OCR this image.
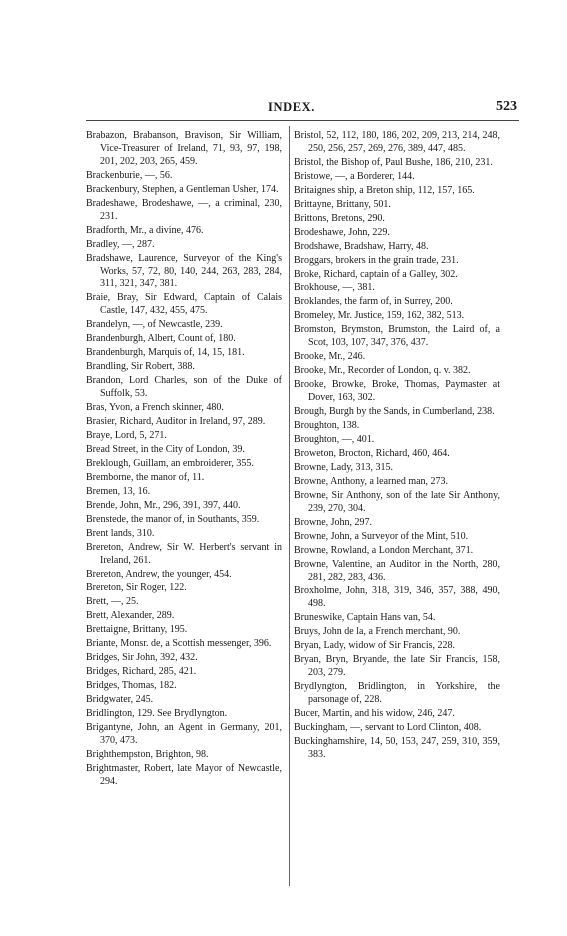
INDEX.	523

Brabazon, Brabanson, Bravison, Sir William, Vice-Treasurer of Ireland, 71, 93, 97, 198, 201, 202, 203, 265, 459.

Brackenburie, —, 56.

Brackenbury, Stephen, a Gentleman Usher, 174.

Bradeshawe, Brodeshawe, —, a criminal, 230, 231.

Bradforth, Mr., a divine, 476.

Bradley, —, 287.

Bradshawe, Laurence, Surveyor of the King's Works, 57, 72, 80, 140, 244, 263, 283, 284, 311, 321, 347, 381.

Braie, Bray, Sir Edward, Captain of Calais Castle, 147, 432, 455, 475.

Brandelyn, —, of Newcastle, 239.

Brandenburgh, Albert, Count of, 180.

Brandenburgh, Marquis of, 14, 15, 181.

Brandling, Sir Robert, 388.

Brandon, Lord Charles, son of the Duke of Suffolk, 53.

Bras, Yvon, a French skinner, 480.

Brasier, Richard, Auditor in Ireland, 97, 289.

Braye, Lord, 5, 271.

Bread Street, in the City of London, 39.

Breklough, Guillam, an embroiderer, 355.

Bremborne, the manor of, 11.

Bremen, 13, 16.

Brende, John, Mr., 296, 391, 397, 440.

Brenstede, the manor of, in Southants, 359.

Brent lands, 310.

Brereton, Andrew, Sir W. Herbert's servant in Ireland, 261.

Brereton, Andrew, the younger, 454.

Brereton, Sir Roger, 122.

Brett, —, 25.

Brett, Alexander, 289.

Brettaigne, Brittany, 195.

Briante, Monsr. de, a Scottish messenger, 396.

Bridges, Sir John, 392, 432.

Bridges, Richard, 285, 421.

Bridges, Thomas, 182.

Bridgwater, 245.

Bridlington, 129. See Brydlyngton.

Brigantyne, John, an Agent in Germany, 201, 370, 473.

Brighthempston, Brighton, 98.

Brightmaster, Robert, late Mayor of Newcastle, 294.

Bristol, 52, 112, 180, 186, 202, 209, 213, 214, 248, 250, 256, 257, 269, 276, 389, 447, 485.

Bristol, the Bishop of, Paul Bushe, 186, 210, 231.

Bristowe, —, a Borderer, 144.

Britaignes ship, a Breton ship, 112, 157, 165.

Brittayne, Brittany, 501.

Brittons, Bretons, 290.

Brodeshawe, John, 229.

Brodshawe, Bradshaw, Harry, 48.

Broggars, brokers in the grain trade, 231.

Broke, Richard, captain of a Galley, 302.

Brokhouse, —, 381.

Broklandes, the farm of, in Surrey, 200.

Bromeley, Mr. Justice, 159, 162, 382, 513.

Bromston, Brymston, Brumston, the Laird of, a Scot, 103, 107, 347, 376, 437.

Brooke, Mr., 246.

Brooke, Mr., Recorder of London, q. v. 382.

Brooke, Browke, Broke, Thomas, Paymaster at Dover, 163, 302.

Brough, Burgh by the Sands, in Cumberland, 238.

Broughton, 138.

Broughton, —, 401.

Broweton, Brocton, Richard, 460, 464.

Browne, Lady, 313, 315.

Browne, Anthony, a learned man, 273.

Browne, Sir Anthony, son of the late Sir Anthony, 239, 270, 304.

Browne, John, 297.

Browne, John, a Surveyor of the Mint, 510.

Browne, Rowland, a London Merchant, 371.

Browne, Valentine, an Auditor in the North, 280, 281, 282, 283, 436.

Broxholme, John, 318, 319, 346, 357, 388, 490, 498.

Bruneswike, Captain Hans van, 54.

Bruys, John de la, a French merchant, 90.

Bryan, Lady, widow of Sir Francis, 228.

Bryan, Bryn, Bryande, the late Sir Francis, 158, 203, 279.

Brydlyngton, Bridlington, in Yorkshire, the parsonage of, 228.

Bucer, Martin, and his widow, 246, 247.

Buckingham, —, servant to Lord Clinton, 408.

Buckinghamshire, 14, 50, 153, 247, 259, 310, 359, 383.
